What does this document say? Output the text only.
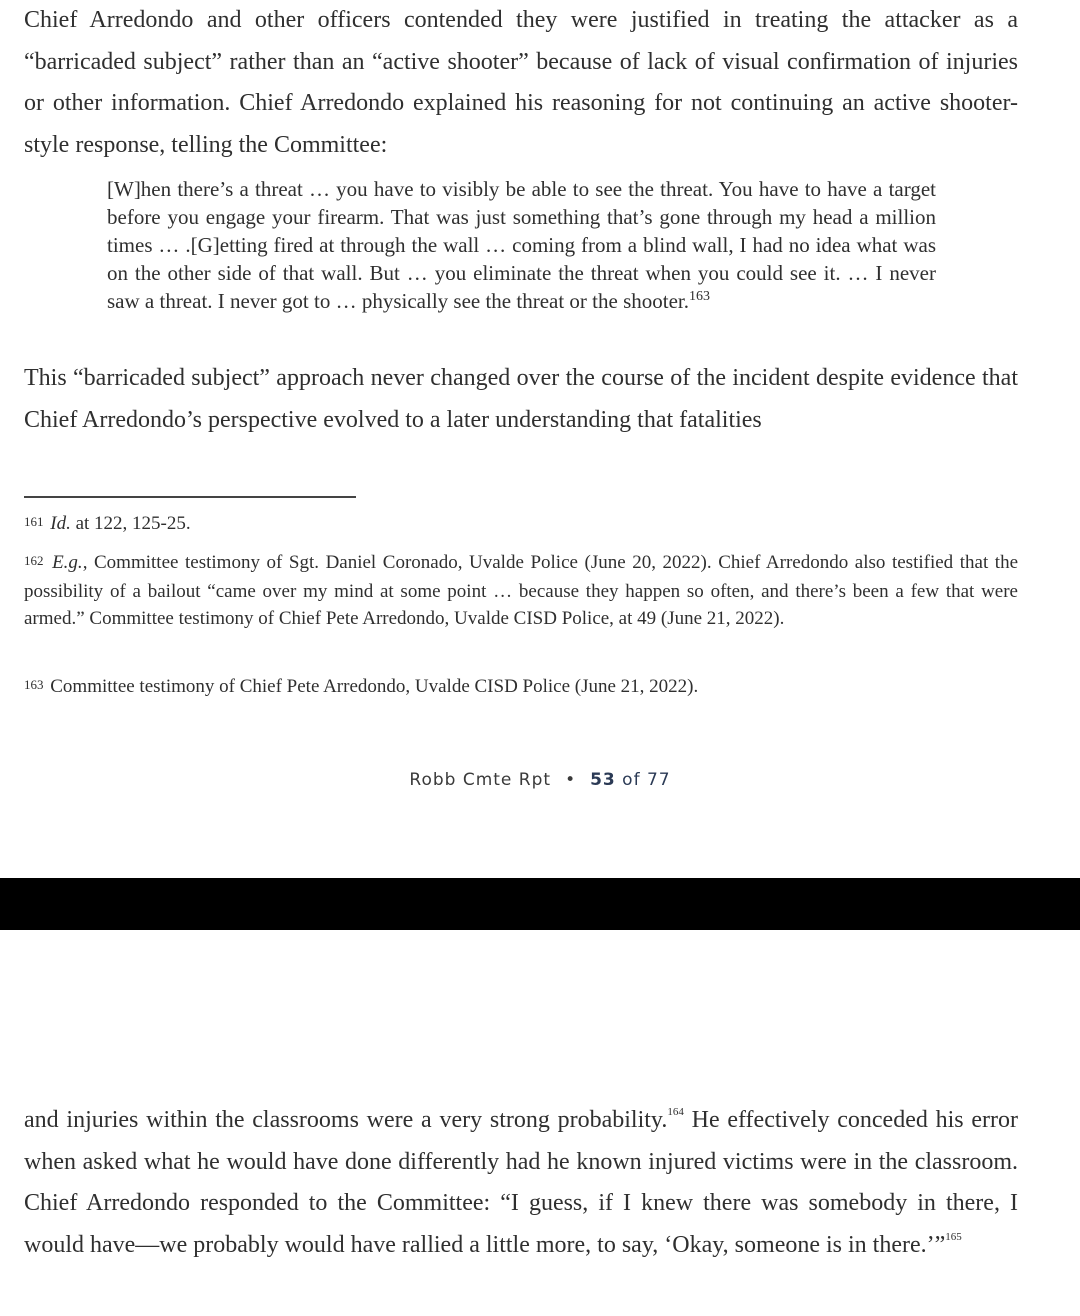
Chief Arredondo and other officers contended they were justified in treating the attacker as a “barricaded subject” rather than an “active shooter” because of lack of visual confirmation of injuries or other information. Chief Arredondo explained his reasoning for not continuing an active shooter-style response, telling the Committee:

[W]hen there’s a threat … you have to visibly be able to see the threat. You have to have a target before you engage your firearm. That was just something that’s gone through my head a million times … .[G]etting fired at through the wall … coming from a blind wall, I had no idea what was on the other side of that wall. But … you eliminate the threat when you could see it. … I never saw a threat. I never got to … physically see the threat or the shooter.$^{163}$

This “barricaded subject” approach never changed over the course of the incident despite evidence that Chief Arredondo’s perspective evolved to a later understanding that fatalities

161 Id. at 122, 125-25.

162 E.g., Committee testimony of Sgt. Daniel Coronado, Uvalde Police (June 20, 2022). Chief Arredondo also testified that the possibility of a bailout “came over my mind at some point … because they happen so often, and there’s been a few that were armed.” Committee testimony of Chief Pete Arredondo, Uvalde CISD Police, at 49 (June 21, 2022).

163 Committee testimony of Chief Pete Arredondo, Uvalde CISD Police (June 21, 2022).

Robb Cmte Rpt • 53 of 77

and injuries within the classrooms were a very strong probability.$^{164}$ He effectively conceded his error when asked what he would have done differently had he known injured victims were in the classroom. Chief Arredondo responded to the Committee: “I guess, if I knew there was somebody in there, I would have—we probably would have rallied a little more, to say, ‘Okay, someone is in there.’”$^{165}$
